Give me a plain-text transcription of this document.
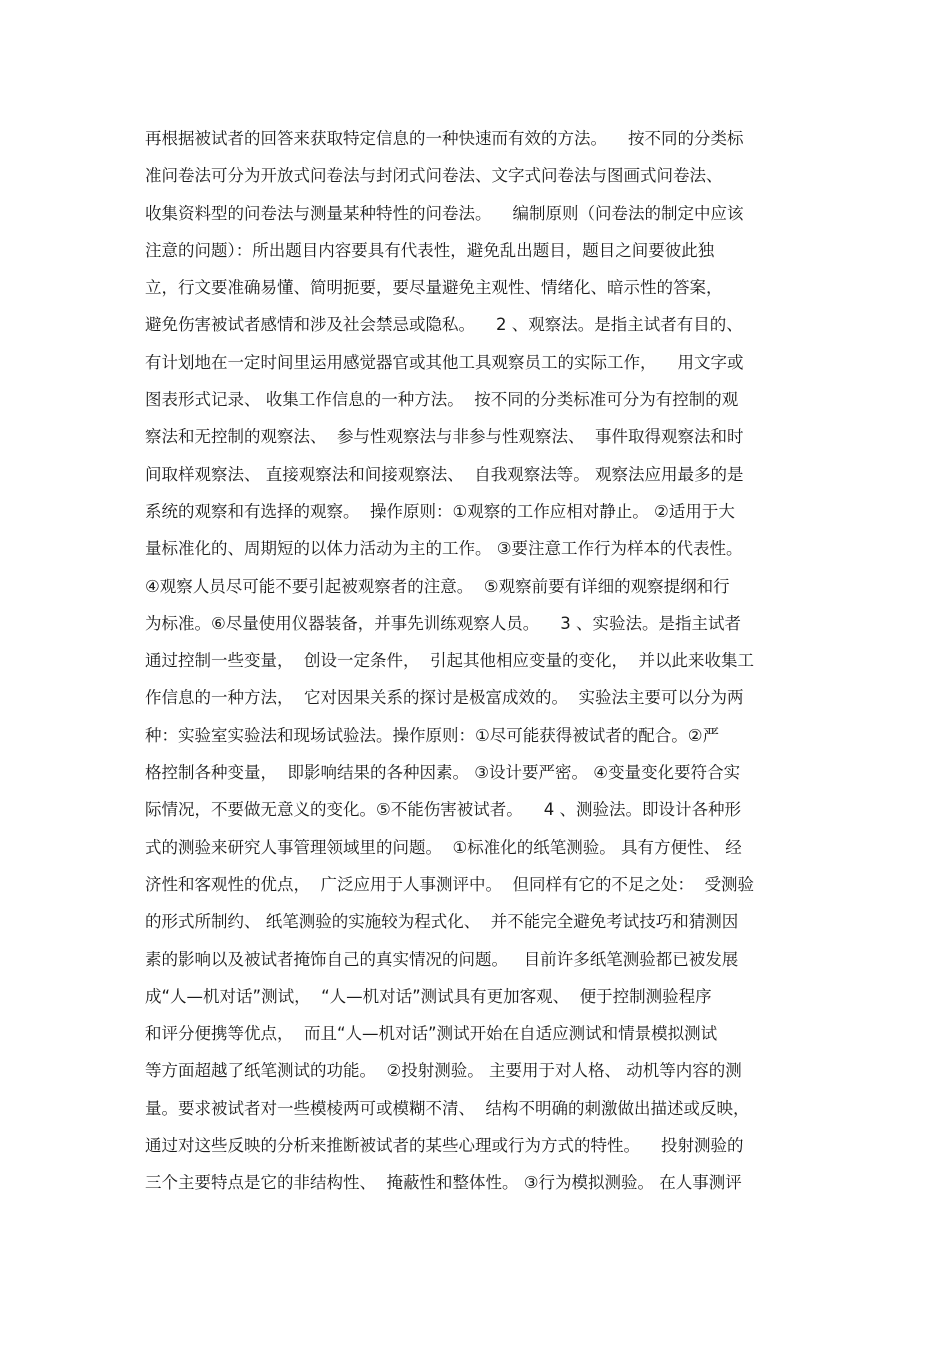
再根据被试者的回答来获取特定信息的一种快速而有效的方法。    按不同的分类标
准问卷法可分为开放式问卷法与封闭式问卷法、文字式问卷法与图画式问卷法、
收集资料型的问卷法与测量某种特性的问卷法。    编制原则（问卷法的制定中应该
注意的问题）：所出题目内容要具有代表性，避免乱出题目，题目之间要彼此独
立，行文要准确易懂、简明扼要，要尽量避免主观性、情绪化、暗示性的答案，
避免伤害被试者感情和涉及社会禁忌或隐私。    2 、观察法。是指主试者有目的、
有计划地在一定时间里运用感觉器官或其他工具观察员工的实际工作，    用文字或
图表形式记录、 收集工作信息的一种方法。  按不同的分类标准可分为有控制的观
察法和无控制的观察法、  参与性观察法与非参与性观察法、  事件取得观察法和时
间取样观察法、 直接观察法和间接观察法、  自我观察法等。 观察法应用最多的是
系统的观察和有选择的观察。  操作原则：①观察的工作应相对静止。 ②适用于大
量标准化的、周期短的以体力活动为主的工作。 ③要注意工作行为样本的代表性。
④观察人员尽可能不要引起被观察者的注意。  ⑤观察前要有详细的观察提纲和行
为标准。⑥尽量使用仪器装备，并事先训练观察人员。    3 、实验法。是指主试者
通过控制一些变量，  创设一定条件，  引起其他相应变量的变化，  并以此来收集工
作信息的一种方法，  它对因果关系的探讨是极富成效的。  实验法主要可以分为两
种：实验室实验法和现场试验法。操作原则：①尽可能获得被试者的配合。②严
格控制各种变量，  即影响结果的各种因素。 ③设计要严密。 ④变量变化要符合实
际情况，不要做无意义的变化。⑤不能伤害被试者。    4 、测验法。即设计各种形
式的测验来研究人事管理领域里的问题。  ①标准化的纸笔测验。 具有方便性、 经
济性和客观性的优点，  广泛应用于人事测评中。  但同样有它的不足之处：  受测验
的形式所制约、 纸笔测验的实施较为程式化、  并不能完全避免考试技巧和猜测因
素的影响以及被试者掩饰自己的真实情况的问题。   目前许多纸笔测验都已被发展
成“人—机对话”测试，  “人—机对话”测试具有更加客观、  便于控制测验程序
和评分便携等优点，  而且“人—机对话”测试开始在自适应测试和情景模拟测试
等方面超越了纸笔测试的功能。  ②投射测验。 主要用于对人格、 动机等内容的测
量。要求被试者对一些模棱两可或模糊不清、  结构不明确的刺激做出描述或反映，
通过对这些反映的分析来推断被试者的某些心理或行为方式的特性。    投射测验的
三个主要特点是它的非结构性、  掩蔽性和整体性。 ③行为模拟测验。 在人事测评
